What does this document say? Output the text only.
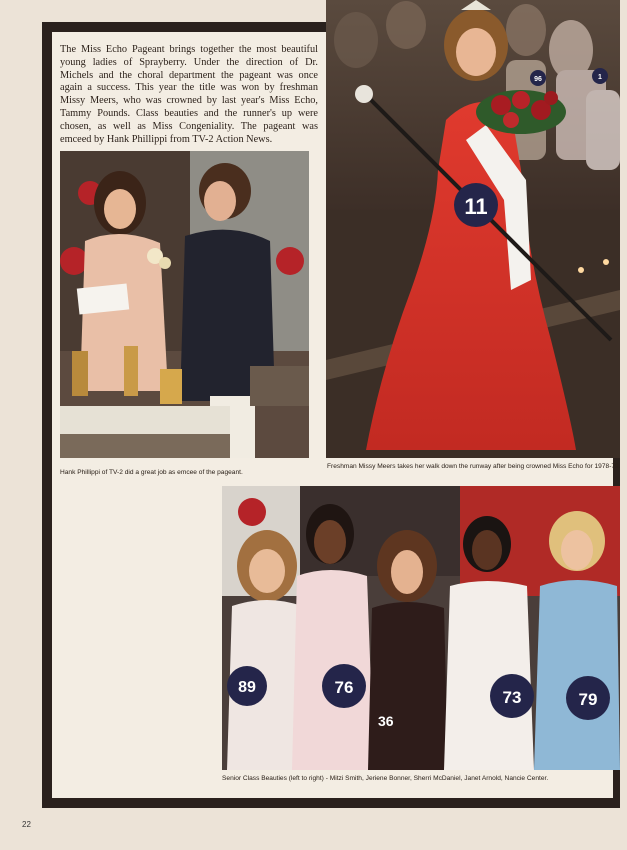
The Miss Echo Pageant brings together the most beautiful young ladies of Sprayberry. Under the direction of Dr. Michels and the choral department the pageant was once again a success. This year the title was won by freshman Missy Meers, who was crowned by last year's Miss Echo, Tammy Pounds. Class beauties and the runner's up were chosen, as well as Miss Congeniality. The pageant was emceed by Hank Phillippi from TV-2 Action News.

96	1
11

Freshman Missy Meers takes her walk down the runway after being crowned Miss Echo for 1978-79.

Hank Phillippi of TV-2 did a great job as emcee of the pageant.

89	76
36
73	79

Senior Class Beauties (left to right) - Mitzi Smith, Jeriene Bonner, Sherri McDaniel, Janet Arnold, Nancie Center.

22
